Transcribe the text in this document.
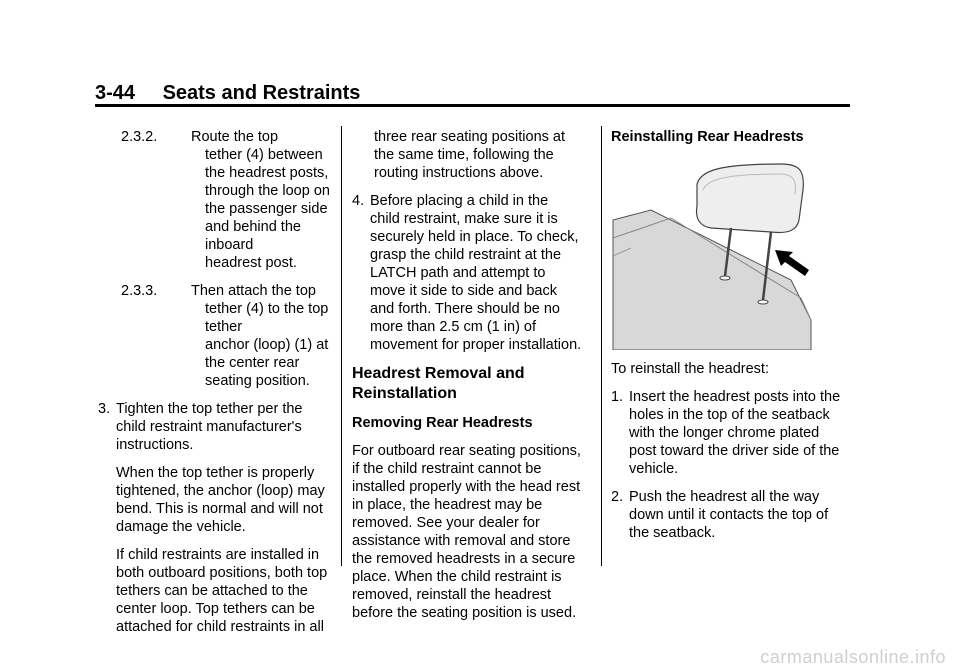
3-44 Seats and Restraints
2.3.2. Route the top
tether (4) between
the headrest posts,
through the loop on
the passenger side
and behind the
inboard
headrest post.
2.3.3. Then attach the top
tether (4) to the top
tether
anchor (loop) (1) at
the center rear
seating position.
3. Tighten the top tether per the
child restraint manufacturer's
instructions.
When the top tether is properly
tightened, the anchor (loop) may
bend. This is normal and will not
damage the vehicle.
If child restraints are installed in
both outboard positions, both top
tethers can be attached to the
center loop. Top tethers can be
attached for child restraints in all
three rear seating positions at
the same time, following the
routing instructions above.
4. Before placing a child in the
child restraint, make sure it is
securely held in place. To check,
grasp the child restraint at the
LATCH path and attempt to
move it side to side and back
and forth. There should be no
more than 2.5 cm (1 in) of
movement for proper installation.
Headrest Removal and
Reinstallation
Removing Rear Headrests
For outboard rear seating positions,
if the child restraint cannot be
installed properly with the head rest
in place, the headrest may be
removed. See your dealer for
assistance with removal and store
the removed headrests in a secure
place. When the child restraint is
removed, reinstall the headrest
before the seating position is used.
Reinstalling Rear Headrests
To reinstall the headrest:
1. Insert the headrest posts into the
holes in the top of the seatback
with the longer chrome plated
post toward the driver side of the
vehicle.
2. Push the headrest all the way
down until it contacts the top of
the seatback.
carmanualsonline.info
